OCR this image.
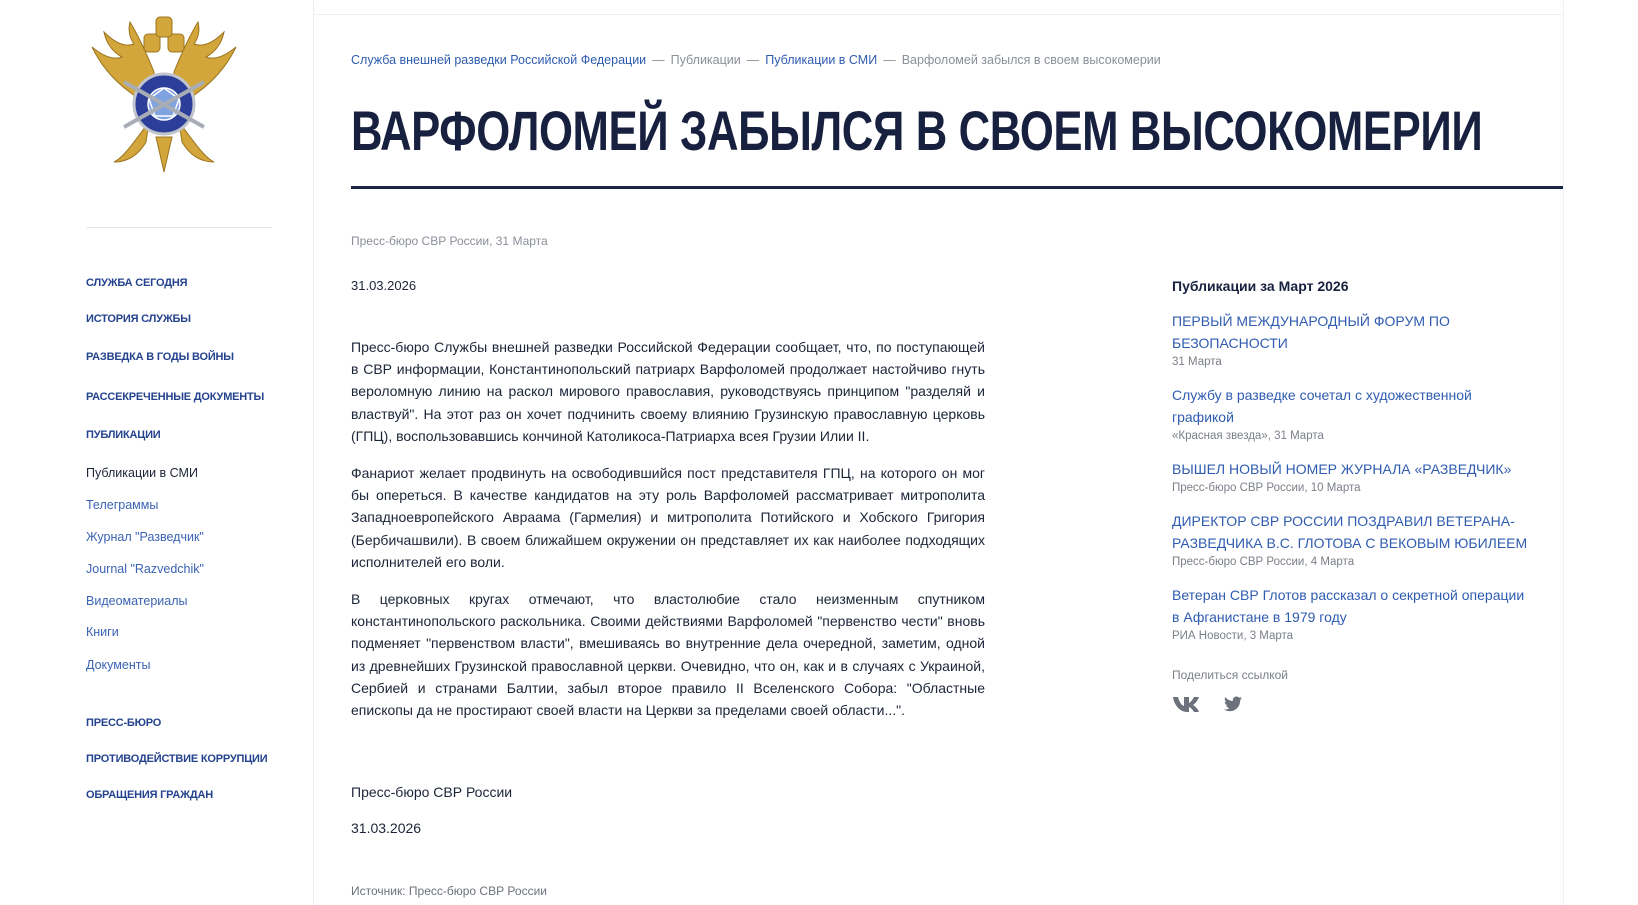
СЛУЖБА СЕГОДНЯ
ИСТОРИЯ СЛУЖБЫ
РАЗВЕДКА В ГОДЫ ВОЙНЫ
РАССЕКРЕЧЕННЫЕ ДОКУМЕНТЫ
ПУБЛИКАЦИИ
Публикации в СМИ
Телеграммы
Журнал "Разведчик"
Journal "Razvedchik"
Видеоматериалы
Книги
Документы
ПРЕСС-БЮРО
ПРОТИВОДЕЙСТВИЕ КОРРУПЦИИ
ОБРАЩЕНИЯ ГРАЖДАН
Служба внешней разведки Российской Федерации — Публикации — Публикации в СМИ — Варфоломей забылся в своем высокомерии
ВАРФОЛОМЕЙ ЗАБЫЛСЯ В СВОЕМ ВЫСОКОМЕРИИ
Пресс-бюро СВР России, 31 Марта
31.03.2026

Пресс-бюро Службы внешней разведки Российской Федерации сообщает, что, по поступающей в СВР информации, Константинопольский патриарх Варфоломей продолжает настойчиво гнуть вероломную линию на раскол мирового православия, руководствуясь принципом "разделяй и властвуй". На этот раз он хочет подчинить своему влиянию Грузинскую православную церковь (ГПЦ), воспользовавшись кончиной Католикоса-Патриарха всея Грузии Илии II.

Фанариот желает продвинуть на освободившийся пост представителя ГПЦ, на которого он мог бы опереться. В качестве кандидатов на эту роль Варфоломей рассматривает митрополита Западноевропейского Авраама (Гармелия) и митрополита Потийского и Хобского Григория (Бербичашвили). В своем ближайшем окружении он представляет их как наиболее подходящих исполнителей его воли.

В церковных кругах отмечают, что властолюбие стало неизменным спутником константинопольского раскольника. Своими действиями Варфоломей "первенство чести" вновь подменяет "первенством власти", вмешиваясь во внутренние дела очередной, заметим, одной из древнейших Грузинской православной церкви. Очевидно, что он, как и в случаях с Украиной, Сербией и странами Балтии, забыл второе правило II Вселенского Собора: "Областные епископы да не простирают своей власти на Церкви за пределами своей области...".

Пресс-бюро СВР России
31.03.2026
Источник: Пресс-бюро СВР России
Публикации за Март 2026
ПЕРВЫЙ МЕЖДУНАРОДНЫЙ ФОРУМ ПО БЕЗОПАСНОСТИ
31 Марта
Службу в разведке сочетал с художественной графикой
«Красная звезда», 31 Марта
ВЫШЕЛ НОВЫЙ НОМЕР ЖУРНАЛА «РАЗВЕДЧИК»
Пресс-бюро СВР России, 10 Марта
ДИРЕКТОР СВР РОССИИ ПОЗДРАВИЛ ВЕТЕРАНА-РАЗВЕДЧИКА В.С. ГЛОТОВА С ВЕКОВЫМ ЮБИЛЕЕМ
Пресс-бюро СВР России, 4 Марта
Ветеран СВР Глотов рассказал о секретной операции в Афганистане в 1979 году
РИА Новости, 3 Марта
Поделиться ссылкой
